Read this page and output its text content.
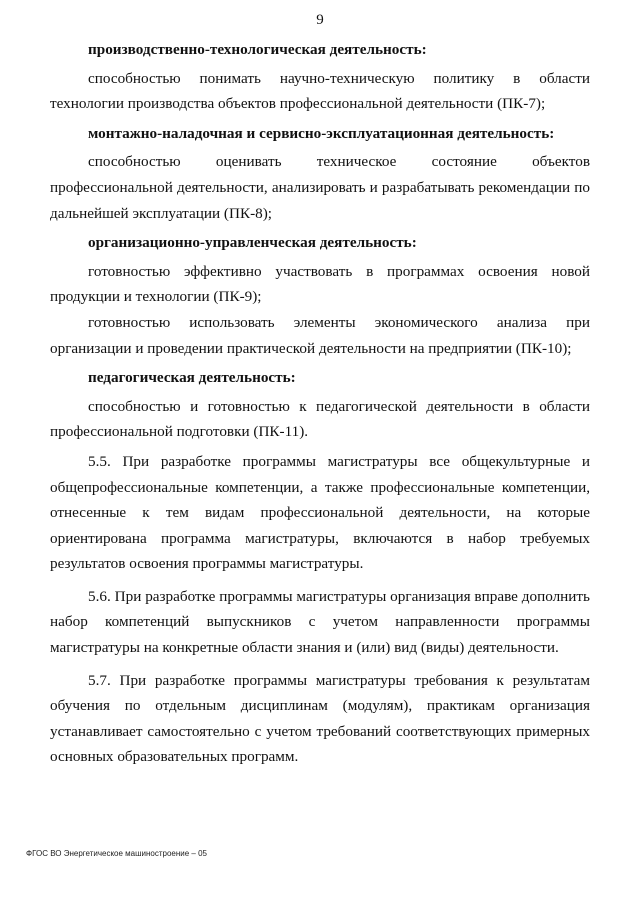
9

производственно-технологическая деятельность:

способностью понимать научно-техническую политику в области технологии производства объектов профессиональной деятельности (ПК-7);

монтажно-наладочная и сервисно-эксплуатационная деятельность:

способностью оценивать техническое состояние объектов профессиональной деятельности, анализировать и разрабатывать рекомендации по дальнейшей эксплуатации (ПК-8);

организационно-управленческая деятельность:

готовностью эффективно участвовать в программах освоения новой продукции и технологии (ПК-9);

готовностью использовать элементы экономического анализа при организации и проведении практической деятельности на предприятии (ПК-10);

педагогическая деятельность:

способностью и готовностью к педагогической деятельности в области профессиональной подготовки (ПК-11).

5.5. При разработке программы магистратуры все общекультурные и общепрофессиональные компетенции, а также профессиональные компетенции, отнесенные к тем видам профессиональной деятельности, на которые ориентирована программа магистратуры, включаются в набор требуемых результатов освоения программы магистратуры.

5.6. При разработке программы магистратуры организация вправе дополнить набор компетенций выпускников с учетом направленности программы магистратуры на конкретные области знания и (или) вид (виды) деятельности.

5.7. При разработке программы магистратуры требования к результатам обучения по отдельным дисциплинам (модулям), практикам организация устанавливает самостоятельно с учетом требований соответствующих примерных основных образовательных программ.

ФГОС ВО Энергетическое машиностроение – 05
